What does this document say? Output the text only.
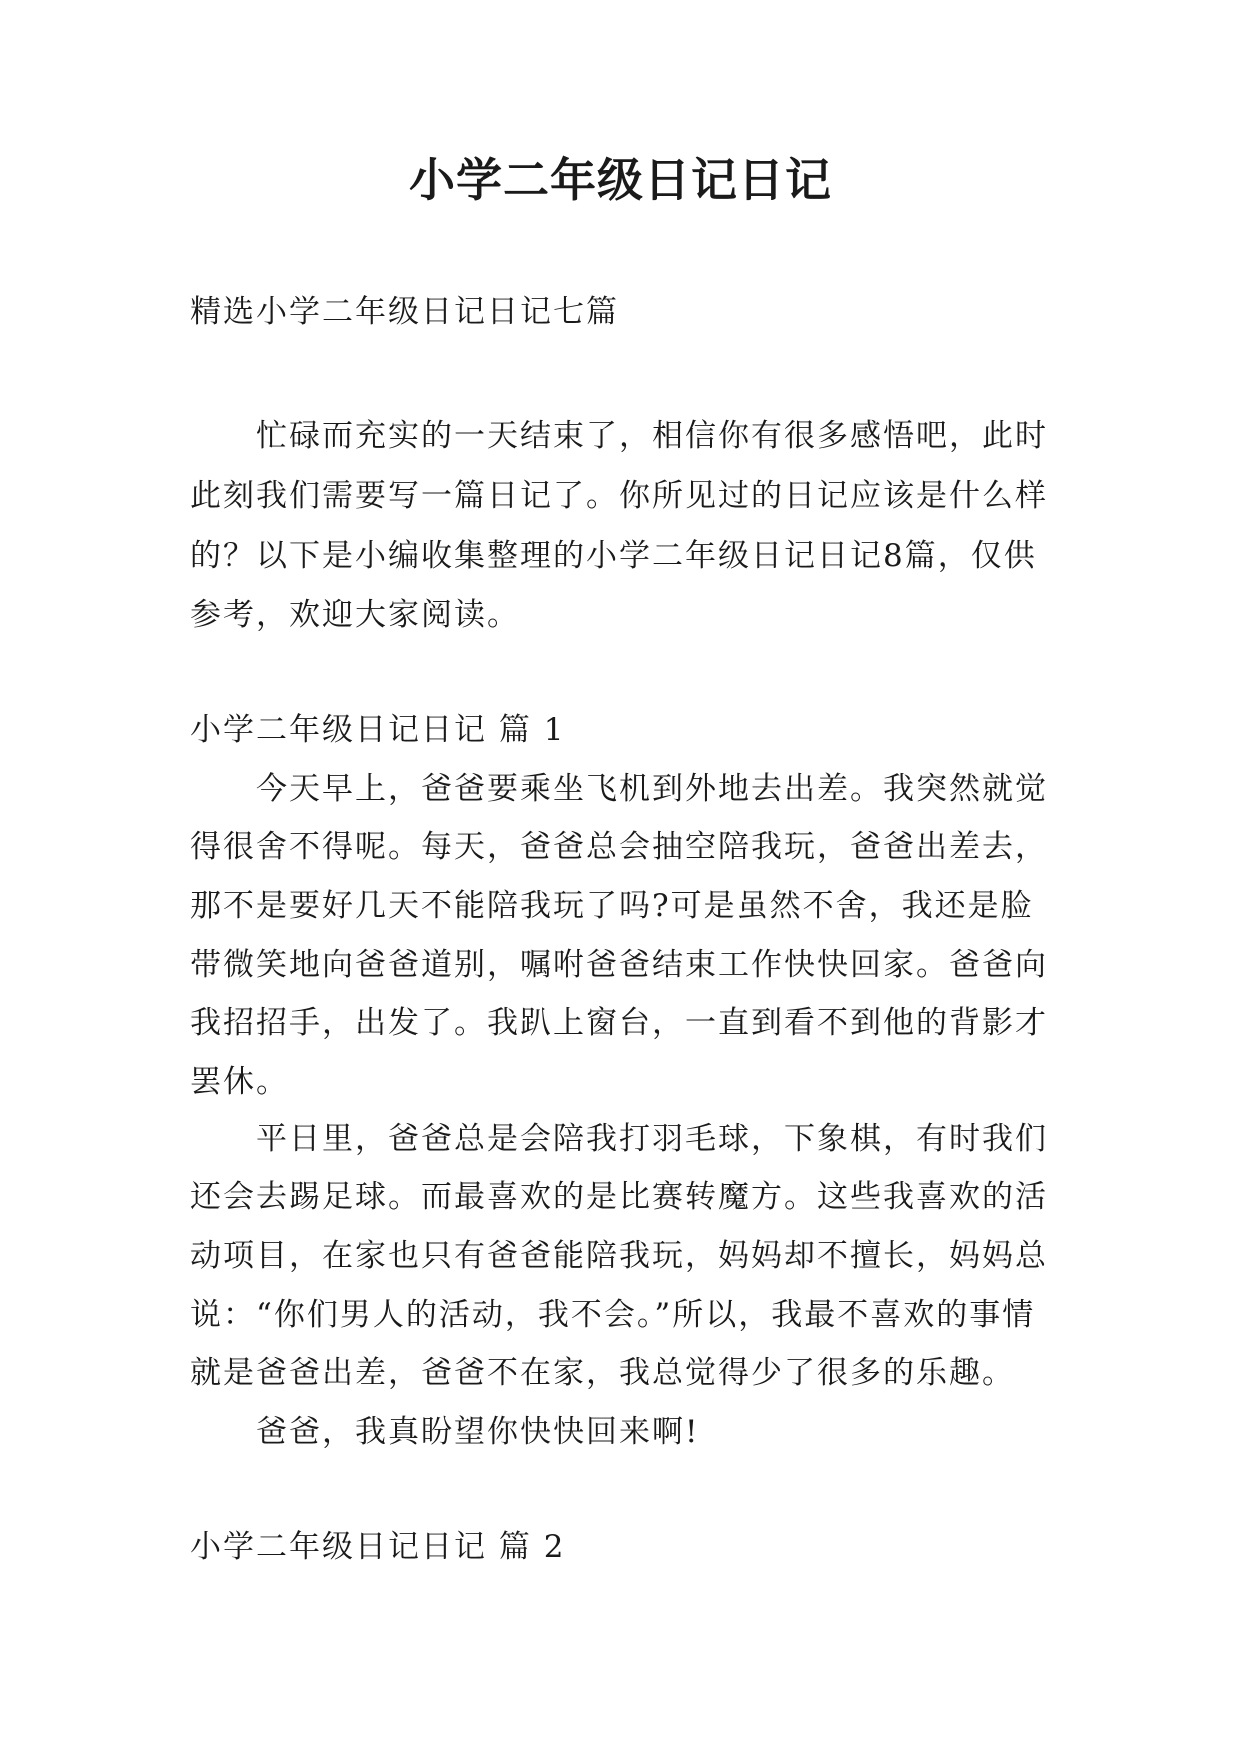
小学二年级日记日记
精选小学二年级日记日记七篇
忙碌而充实的一天结束了，相信你有很多感悟吧，此时
此刻我们需要写一篇日记了。你所见过的日记应该是什么样
的？以下是小编收集整理的小学二年级日记日记8篇，仅供
参考，欢迎大家阅读。
小学二年级日记日记 篇 1
今天早上，爸爸要乘坐飞机到外地去出差。我突然就觉
得很舍不得呢。每天，爸爸总会抽空陪我玩，爸爸出差去，
那不是要好几天不能陪我玩了吗?可是虽然不舍，我还是脸
带微笑地向爸爸道别，嘱咐爸爸结束工作快快回家。爸爸向
我招招手，出发了。我趴上窗台，一直到看不到他的背影才
罢休。
平日里，爸爸总是会陪我打羽毛球，下象棋，有时我们
还会去踢足球。而最喜欢的是比赛转魔方。这些我喜欢的活
动项目，在家也只有爸爸能陪我玩，妈妈却不擅长，妈妈总
说：“你们男人的活动，我不会。”所以，我最不喜欢的事情
就是爸爸出差，爸爸不在家，我总觉得少了很多的乐趣。
爸爸，我真盼望你快快回来啊!
小学二年级日记日记 篇 2
